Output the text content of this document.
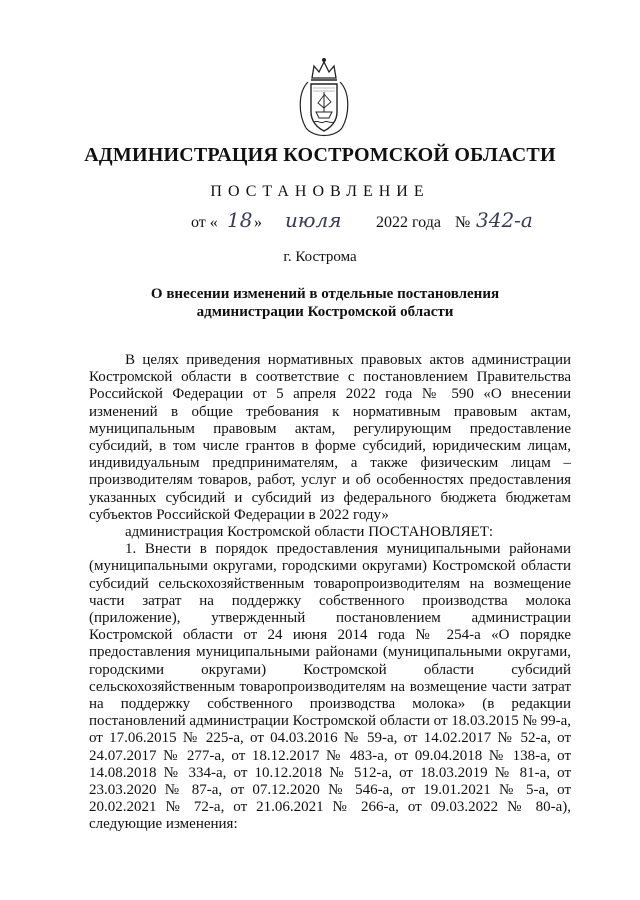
АДМИНИСТРАЦИЯ КОСТРОМСКОЙ ОБЛАСТИ
ПОСТАНОВЛЕНИЕ
от « 18 » июля 2022 года № 342-а
г. Кострома
О внесении изменений в отдельные постановления
администрации Костромской области

В целях приведения нормативных правовых актов администрации Костромской области в соответствие с постановлением Правительства Российской Федерации от 5 апреля 2022 года № 590 «О внесении изменений в общие требования к нормативным правовым актам, муниципальным правовым актам, регулирующим предоставление субсидий, в том числе грантов в форме субсидий, юридическим лицам, индивидуальным предпринимателям, а также физическим лицам – производителям товаров, работ, услуг и об особенностях предоставления указанных субсидий и субсидий из федерального бюджета бюджетам субъектов Российской Федерации в 2022 году»

администрация Костромской области ПОСТАНОВЛЯЕТ:

1. Внести в порядок предоставления муниципальными районами (муниципальными округами, городскими округами) Костромской области субсидий сельскохозяйственным товаропроизводителям на возмещение части затрат на поддержку собственного производства молока (приложение), утвержденный постановлением администрации Костромской области от 24 июня 2014 года № 254-а «О порядке предоставления муниципальными районами (муниципальными округами, городскими округами) Костромской области субсидий сельскохозяйственным товаропроизводителям на возмещение части затрат на поддержку собственного производства молока» (в редакции постановлений администрации Костромской области от 18.03.2015 № 99-а, от 17.06.2015 № 225-а, от 04.03.2016 № 59-а, от 14.02.2017 № 52-а, от 24.07.2017 № 277-а, от 18.12.2017 № 483-а, от 09.04.2018 № 138-а, от 14.08.2018 № 334-а, от 10.12.2018 № 512-а, от 18.03.2019 № 81-а, от 23.03.2020 № 87-а, от 07.12.2020 № 546-а, от 19.01.2021 № 5-а, от 20.02.2021 № 72-а, от 21.06.2021 № 266-а, от 09.03.2022 № 80-а), следующие изменения:
